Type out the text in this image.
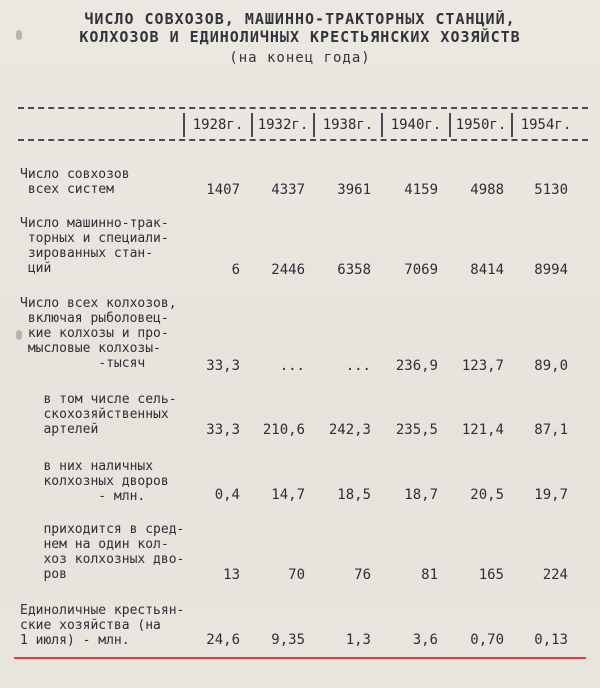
ЧИСЛО СОВХОЗОВ, МАШИННО-ТРАКТОРНЫХ СТАНЦИЙ,
КОЛХОЗОВ И ЕДИНОЛИЧНЫХ КРЕСТЬЯНСКИХ ХОЗЯЙСТВ
(на конец года)
1928г.	1932г.	1938г.	1940г.	1950г.	1954г.
Число совхозов
всех систем	1407	4337	3961	4159	4988	5130
Число машинно-трак-
торных и специали-
зированных стан-
ций	6	2446	6358	7069	8414	8994
Число всех колхозов,
включая рыболовец-
кие колхозы и про-
мысловые колхозы-
-тысяч	33,3	...	...	236,9	123,7	89,0
в том числе сель-
скохозяйственных
артелей	33,3	210,6	242,3	235,5	121,4	87,1
в них наличных
колхозных дворов
- млн.	0,4	14,7	18,5	18,7	20,5	19,7
приходится в сред-
нем на один кол-
хоз колхозных дво-
ров	13	70	76	81	165	224
Единоличные крестьян-
ские хозяйства (на
1 июля) - млн.	24,6	9,35	1,3	3,6	0,70	0,13
